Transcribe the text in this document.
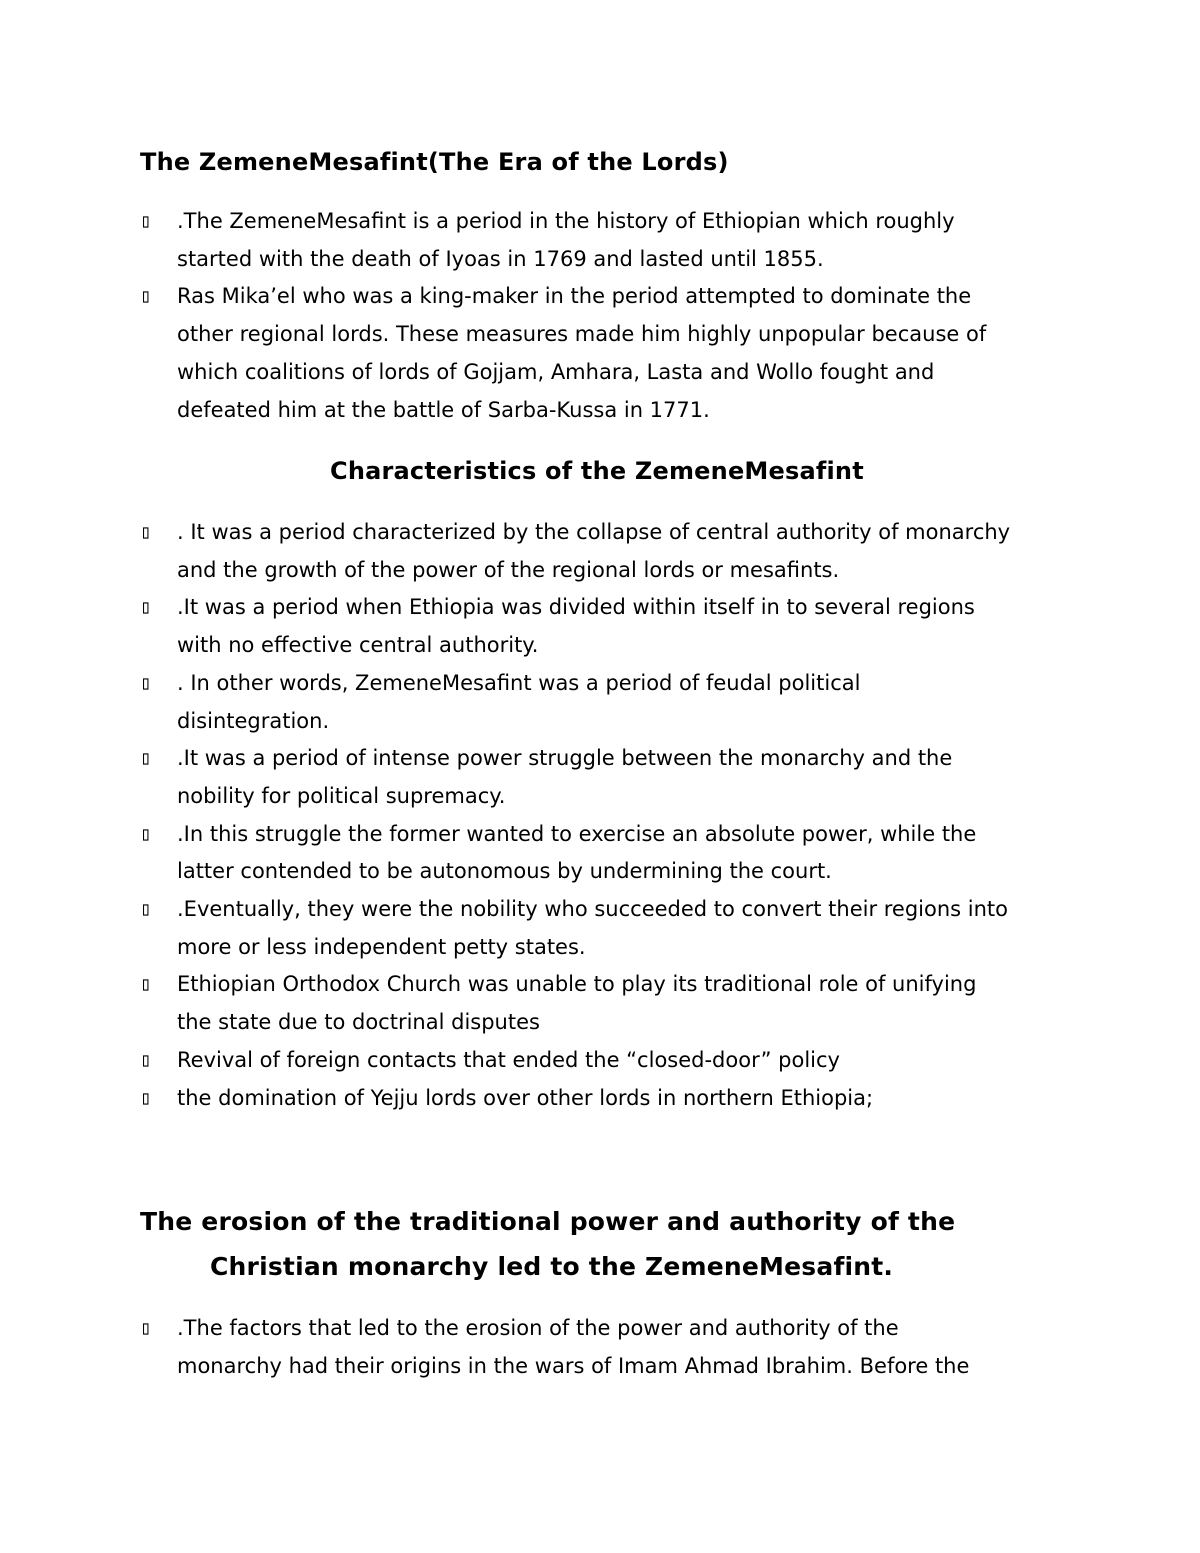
The ZemeneMesafint(The Era of the Lords)
▯ .The ZemeneMesafint is a period in the history of Ethiopian which roughly
started with the death of Iyoas in 1769 and lasted until 1855.
▯ Ras Mika’el who was a king-maker in the period attempted to dominate the
other regional lords. These measures made him highly unpopular because of
which coalitions of lords of Gojjam, Amhara, Lasta and Wollo fought and
defeated him at the battle of Sarba-Kussa in 1771.
Characteristics of the ZemeneMesafint
▯ . It was a period characterized by the collapse of central authority of monarchy
and the growth of the power of the regional lords or mesafints.
▯ .It was a period when Ethiopia was divided within itself in to several regions
with no effective central authority.
▯ . In other words, ZemeneMesafint was a period of feudal political
disintegration.
▯ .It was a period of intense power struggle between the monarchy and the
nobility for political supremacy.
▯ .In this struggle the former wanted to exercise an absolute power, while the
latter contended to be autonomous by undermining the court.
▯ .Eventually, they were the nobility who succeeded to convert their regions into
more or less independent petty states.
▯ Ethiopian Orthodox Church was unable to play its traditional role of unifying
the state due to doctrinal disputes
▯ Revival of foreign contacts that ended the “closed-door” policy
▯ the domination of Yejju lords over other lords in northern Ethiopia;
The erosion of the traditional power and authority of the
Christian monarchy led to the ZemeneMesafint.
▯ .The factors that led to the erosion of the power and authority of the
monarchy had their origins in the wars of Imam Ahmad Ibrahim. Before the
